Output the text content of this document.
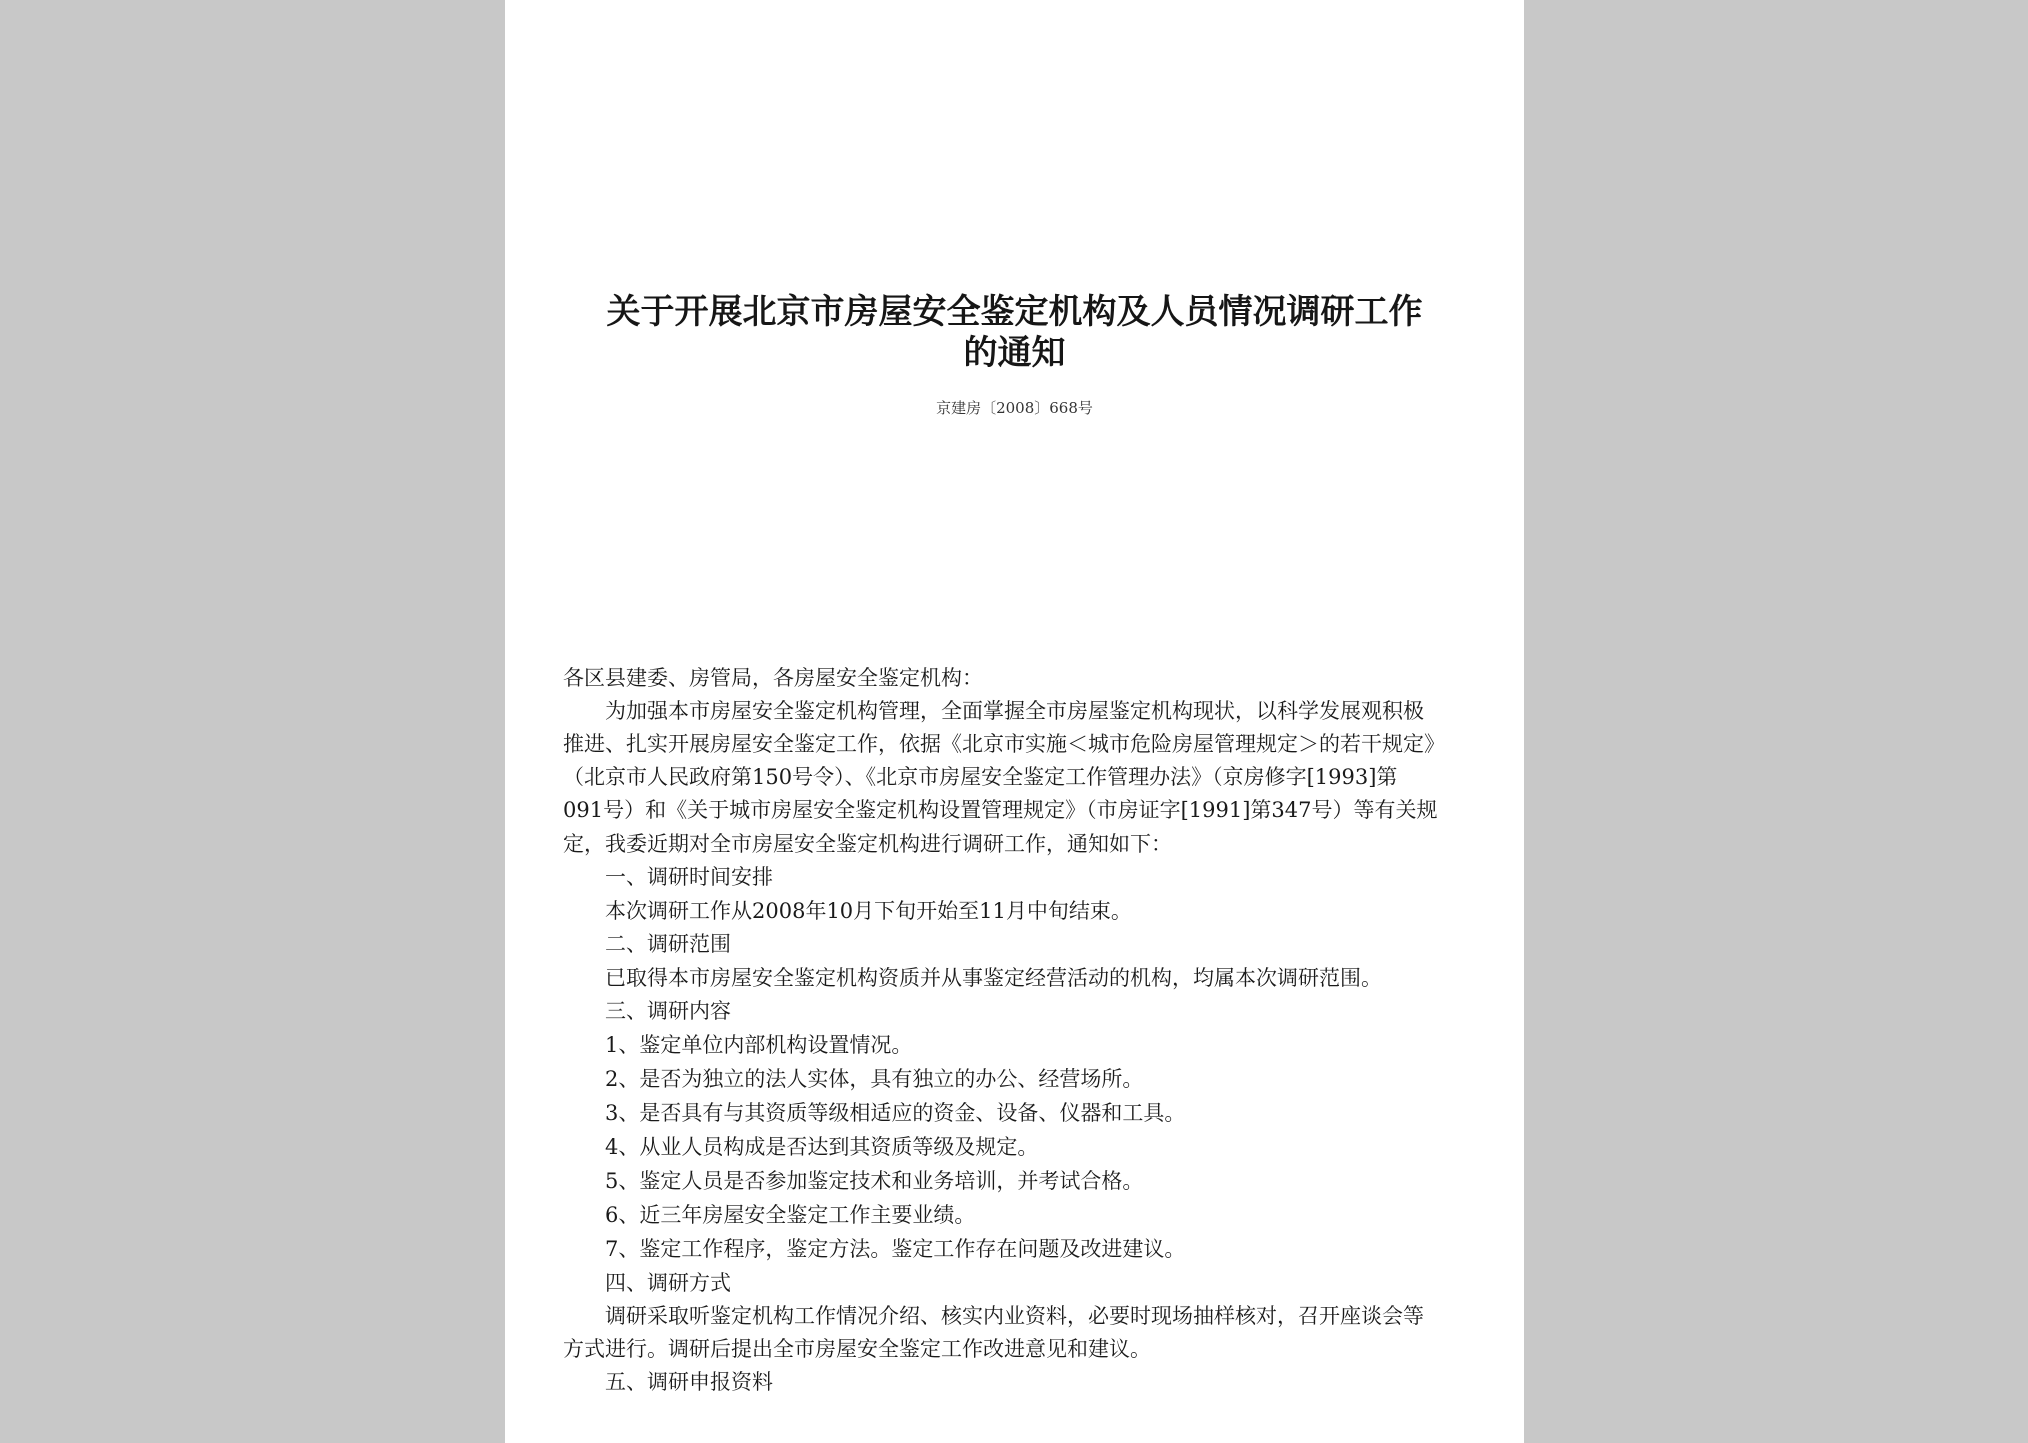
关于开展北京市房屋安全鉴定机构及人员情况调研工作
的通知
京建房〔2008〕668号
各区县建委、房管局，各房屋安全鉴定机构：
为加强本市房屋安全鉴定机构管理，全面掌握全市房屋鉴定机构现状，以科学发展观积极
推进、扎实开展房屋安全鉴定工作，依据《北京市实施＜城市危险房屋管理规定＞的若干规定》
（北京市人民政府第150号令）、《北京市房屋安全鉴定工作管理办法》（京房修字[1993]第
091号）和《关于城市房屋安全鉴定机构设置管理规定》（市房证字[1991]第347号）等有关规
定，我委近期对全市房屋安全鉴定机构进行调研工作，通知如下：
一、调研时间安排
本次调研工作从2008年10月下旬开始至11月中旬结束。
二、调研范围
已取得本市房屋安全鉴定机构资质并从事鉴定经营活动的机构，均属本次调研范围。
三、调研内容
1、鉴定单位内部机构设置情况。
2、是否为独立的法人实体，具有独立的办公、经营场所。
3、是否具有与其资质等级相适应的资金、设备、仪器和工具。
4、从业人员构成是否达到其资质等级及规定。
5、鉴定人员是否参加鉴定技术和业务培训，并考试合格。
6、近三年房屋安全鉴定工作主要业绩。
7、鉴定工作程序，鉴定方法。鉴定工作存在问题及改进建议。
四、调研方式
调研采取听鉴定机构工作情况介绍、核实内业资料，必要时现场抽样核对，召开座谈会等
方式进行。调研后提出全市房屋安全鉴定工作改进意见和建议。
五、调研申报资料
